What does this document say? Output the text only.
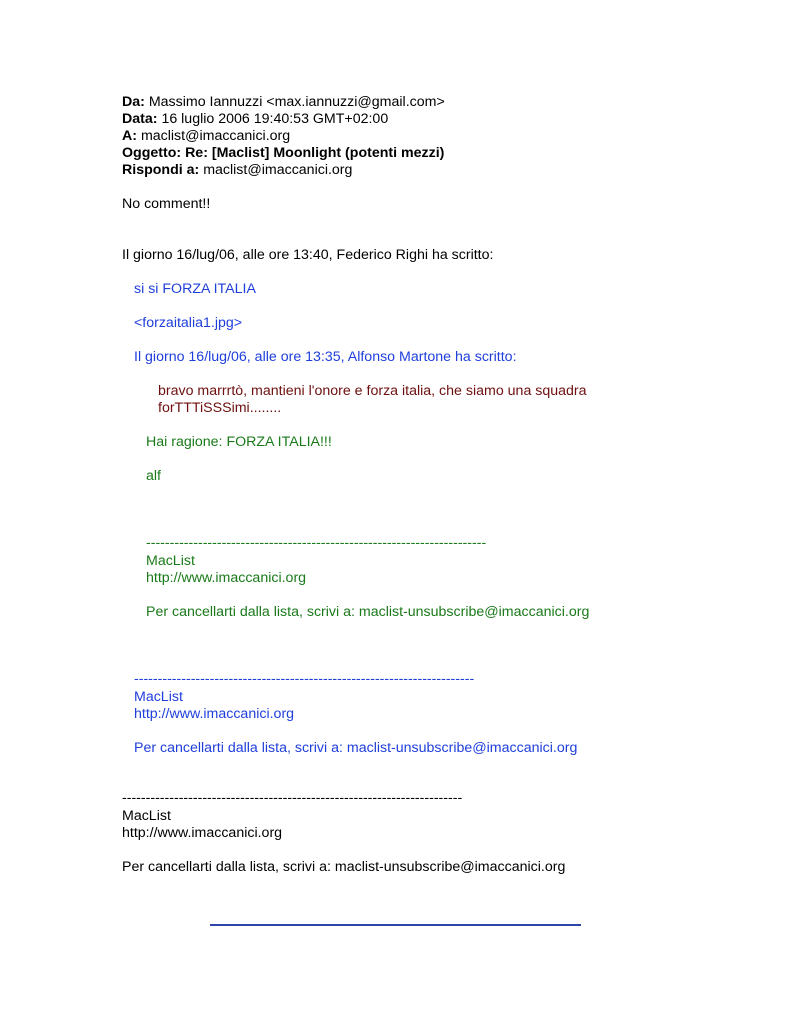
Da: Massimo Iannuzzi <max.iannuzzi@gmail.com>

Data: 16 luglio 2006 19:40:53 GMT+02:00

A: maclist@imaccanici.org

Oggetto: Re: [Maclist] Moonlight (potenti mezzi)

Rispondi a: maclist@imaccanici.org

No comment!!

Il giorno 16/lug/06, alle ore 13:40, Federico Righi ha scritto:

si si FORZA ITALIA

<forzaitalia1.jpg>

Il giorno 16/lug/06, alle ore 13:35, Alfonso Martone ha scritto:

bravo marrrtò, mantieni l'onore e forza italia, che siamo una squadra

forTTTiSSSimi........

Hai ragione: FORZA ITALIA!!!

alf

------------------------------------------------------------------------

MacList

http://www.imaccanici.org

Per cancellarti dalla lista, scrivi a: maclist-unsubscribe@imaccanici.org

------------------------------------------------------------------------

MacList

http://www.imaccanici.org

Per cancellarti dalla lista, scrivi a: maclist-unsubscribe@imaccanici.org

------------------------------------------------------------------------

MacList

http://www.imaccanici.org

Per cancellarti dalla lista, scrivi a: maclist-unsubscribe@imaccanici.org
